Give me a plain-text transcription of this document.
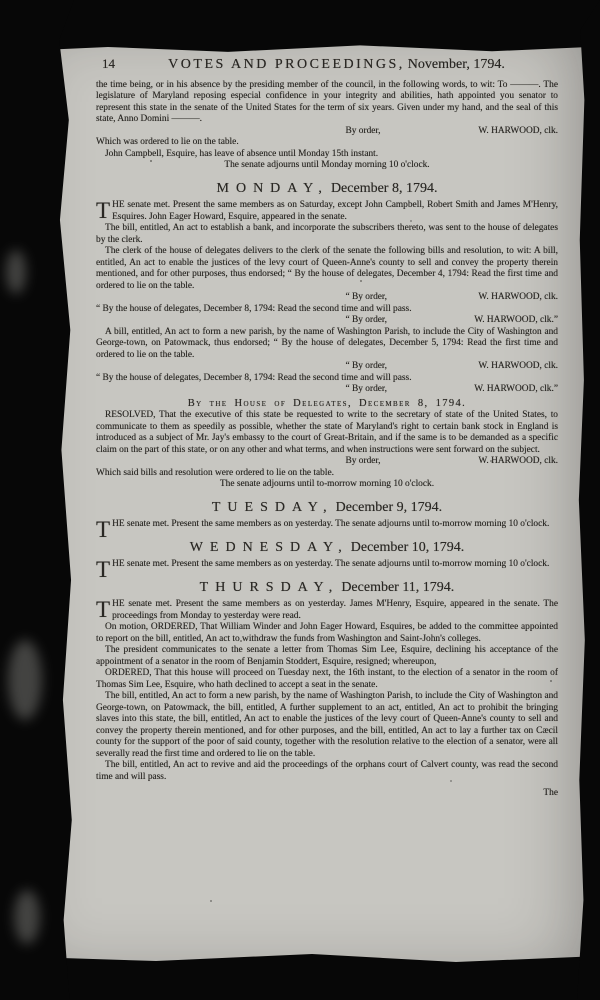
14	VOTES AND PROCEEDINGS, November, 1794.

the time being, or in his absence by the presiding member of the council, in the following words, to wit: To ———. The legislature of Maryland reposing especial confidence in your integrity and abilities, hath appointed you senator to represent this state in the senate of the United States for the term of six years. Given under my hand, and the seal of this state, Anno Domini ———.

By order,	W. HARWOOD, clk.
Which was ordered to lie on the table.
John Campbell, Esquire, has leave of absence until Monday 15th instant.
The senate adjourns until Monday morning 10 o'clock.
MONDAY, December 8, 1794.

THE senate met. Present the same members as on Saturday, except John Campbell, Robert Smith and James M'Henry, Esquires. John Eager Howard, Esquire, appeared in the senate.

The bill, entitled, An act to establish a bank, and incorporate the subscribers thereto, was sent to the house of delegates by the clerk.

The clerk of the house of delegates delivers to the clerk of the senate the following bills and resolution, to wit: A bill, entitled, An act to enable the justices of the levy court of Queen-Anne's county to sell and convey the property therein mentioned, and for other purposes, thus endorsed; “ By the house of delegates, December 4, 1794: Read the first time and ordered to lie on the table.

“ By order,	W. HARWOOD, clk.
“ By the house of delegates, December 8, 1794: Read the second time and will pass.
“ By order,	W. HARWOOD, clk.”

A bill, entitled, An act to form a new parish, by the name of Washington Parish, to include the City of Washington and George-town, on Patowmack, thus endorsed; “ By the house of delegates, December 5, 1794: Read the first time and ordered to lie on the table.

“ By order,	W. HARWOOD, clk.
“ By the house of delegates, December 8, 1794: Read the second time and will pass.
“ By order,	W. HARWOOD, clk.”
By the House of Delegates, December 8, 1794.

RESOLVED, That the executive of this state be requested to write to the secretary of state of the United States, to communicate to them as speedily as possible, whether the state of Maryland's right to certain bank stock in England is introduced as a subject of Mr. Jay's embassy to the court of Great-Britain, and if the same is to be demanded as a specific claim on the part of this state, or on any other and what terms, and when instructions were sent forward on the subject.

By order,	W. HARWOOD, clk.
Which said bills and resolution were ordered to lie on the table.
The senate adjourns until to-morrow morning 10 o'clock.
TUESDAY, December 9, 1794.

THE senate met. Present the same members as on yesterday. The senate adjourns until to-morrow morning 10 o'clock.

WEDNESDAY, December 10, 1794.

THE senate met. Present the same members as on yesterday. The senate adjourns until to-morrow morning 10 o'clock.

THURSDAY, December 11, 1794.

THE senate met. Present the same members as on yesterday. James M'Henry, Esquire, appeared in the senate. The proceedings from Monday to yesterday were read.

On motion, ORDERED, That William Winder and John Eager Howard, Esquires, be added to the committee appointed to report on the bill, entitled, An act to withdraw the funds from Washington and Saint-John's colleges.

The president communicates to the senate a letter from Thomas Sim Lee, Esquire, declining his acceptance of the appointment of a senator in the room of Benjamin Stoddert, Esquire, resigned; whereupon,

ORDERED, That this house will proceed on Tuesday next, the 16th instant, to the election of a senator in the room of Thomas Sim Lee, Esquire, who hath declined to accept a seat in the senate.

The bill, entitled, An act to form a new parish, by the name of Washington Parish, to include the City of Washington and George-town, on Patowmack, the bill, entitled, A further supplement to an act, entitled, An act to prohibit the bringing slaves into this state, the bill, entitled, An act to enable the justices of the levy court of Queen-Anne's county to sell and convey the property therein mentioned, and for other purposes, and the bill, entitled, An act to lay a further tax on Cæcil county for the support of the poor of said county, together with the resolution relative to the election of a senator, were all severally read the first time and ordered to lie on the table.

The bill, entitled, An act to revive and aid the proceedings of the orphans court of Calvert county, was read the second time and will pass.

The
